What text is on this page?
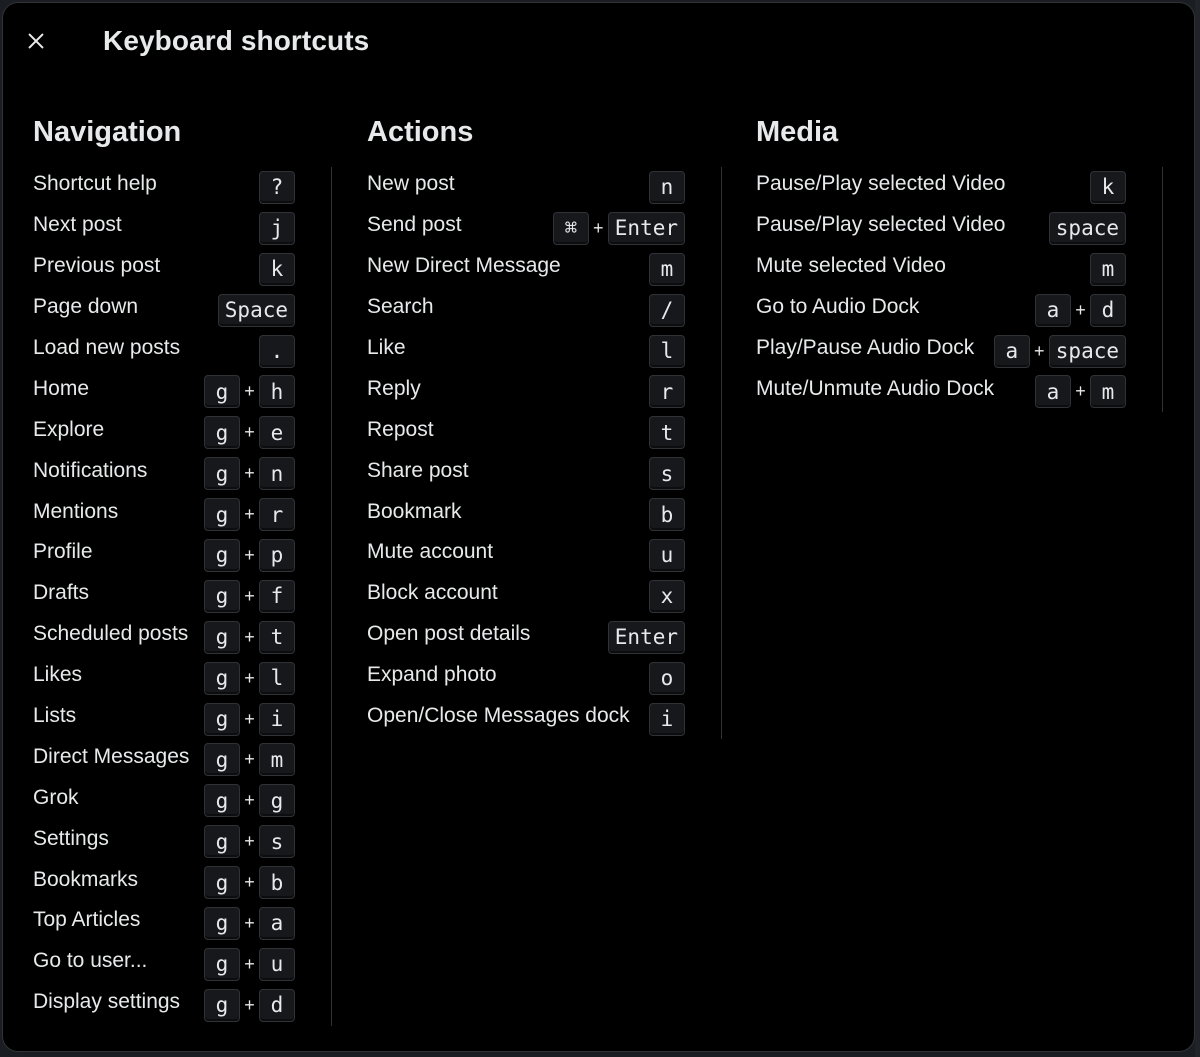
Keyboard shortcuts
Navigation
Shortcut help	?
Next post	j
Previous post	k
Page down	Space
Load new posts	.
Home	g + h
Explore	g + e
Notifications	g + n
Mentions	g + r
Profile	g + p
Drafts	g + f
Scheduled posts	g + t
Likes	g + l
Lists	g + i
Direct Messages	g + m
Grok	g + g
Settings	g + s
Bookmarks	g + b
Top Articles	g + a
Go to user...	g + u
Display settings	g + d
Actions
New post	n
Send post	⌘ + Enter
New Direct Message	m
Search	/
Like	l
Reply	r
Repost	t
Share post	s
Bookmark	b
Mute account	u
Block account	x
Open post details	Enter
Expand photo	o
Open/Close Messages dock	i
Media
Pause/Play selected Video	k
Pause/Play selected Video	space
Mute selected Video	m
Go to Audio Dock	a + d
Play/Pause Audio Dock	a + space
Mute/Unmute Audio Dock	a + m
